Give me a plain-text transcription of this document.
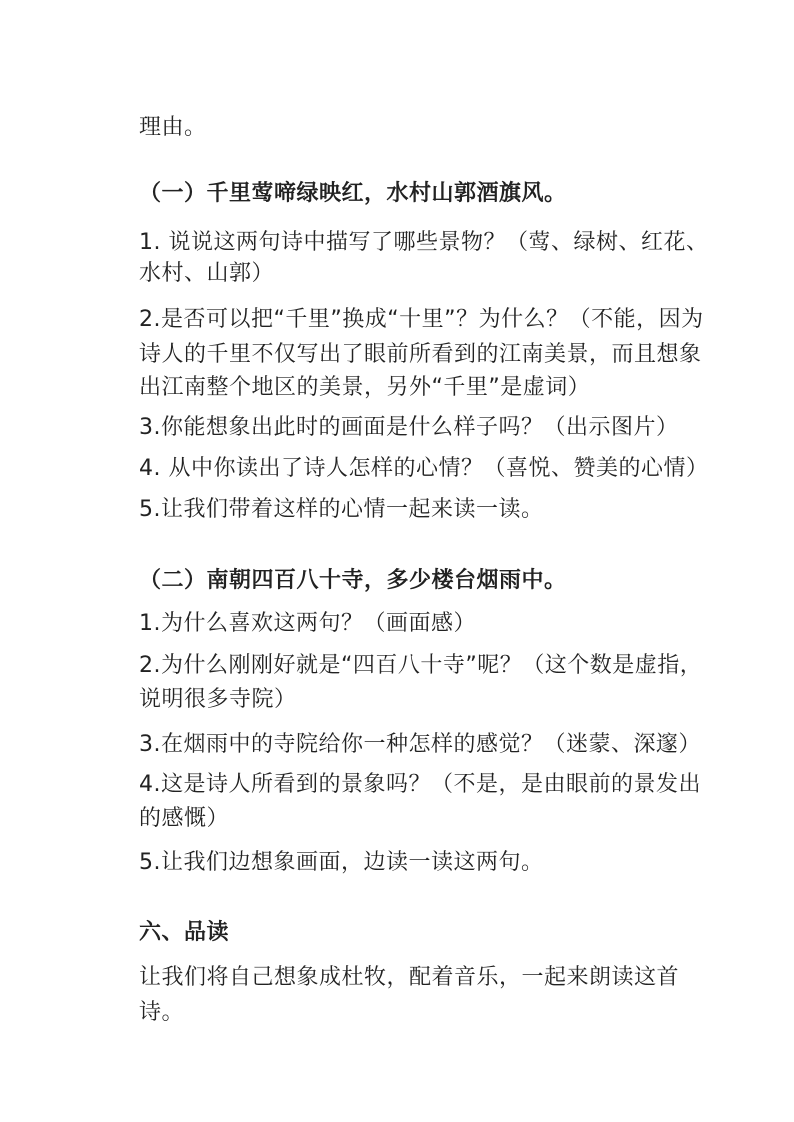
理由。
（一）千里莺啼绿映红，水村山郭酒旗风。
1. 说说这两句诗中描写了哪些景物？（莺、绿树、红花、
水村、山郭）
2.是否可以把“千里”换成“十里”？为什么？（不能，因为
诗人的千里不仅写出了眼前所看到的江南美景，而且想象
出江南整个地区的美景，另外“千里”是虚词）
3.你能想象出此时的画面是什么样子吗？（出示图片）
4. 从中你读出了诗人怎样的心情？（喜悦、赞美的心情）
5.让我们带着这样的心情一起来读一读。
（二）南朝四百八十寺，多少楼台烟雨中。
1.为什么喜欢这两句？（画面感）
2.为什么刚刚好就是“四百八十寺”呢？（这个数是虚指，
说明很多寺院）
3.在烟雨中的寺院给你一种怎样的感觉？（迷蒙、深邃）
4.这是诗人所看到的景象吗？（不是，是由眼前的景发出
的感慨）
5.让我们边想象画面，边读一读这两句。
六、品读
让我们将自己想象成杜牧，配着音乐，一起来朗读这首
诗。
